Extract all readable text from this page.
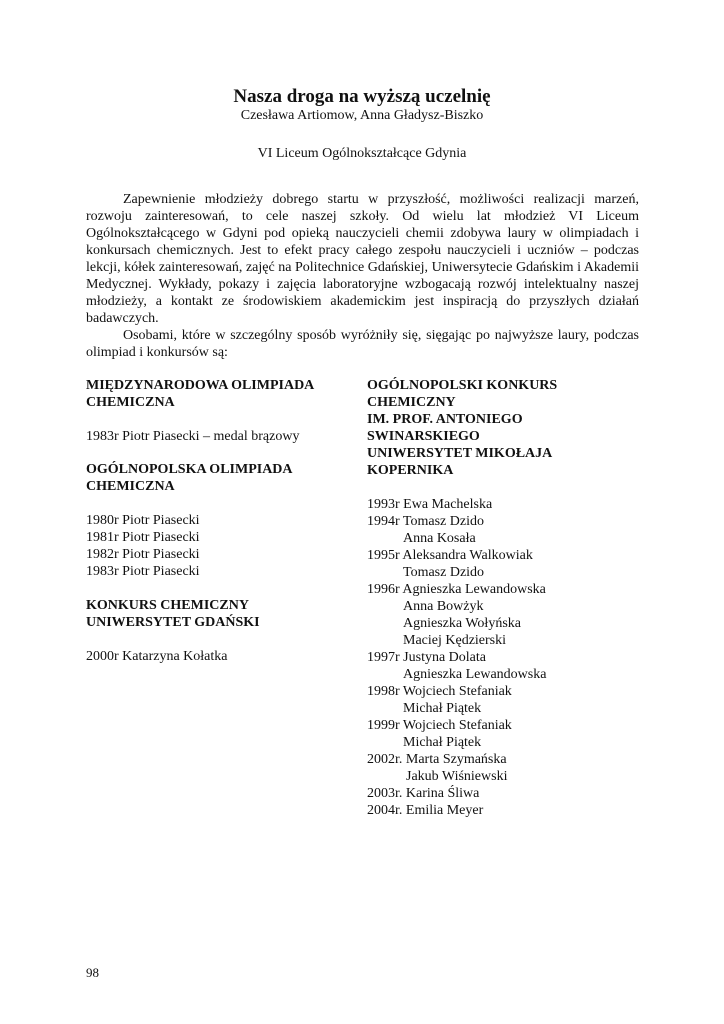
Nasza droga na wyższą uczelnię
Czesława Artiomow, Anna Gładysz-Biszko
VI Liceum Ogólnokształcące Gdynia

Zapewnienie młodzieży dobrego startu w przyszłość, możliwości realizacji marzeń, rozwoju zainteresowań, to cele naszej szkoły. Od wielu lat młodzież VI Liceum Ogólnokształcącego w Gdyni pod opieką nauczycieli chemii zdobywa laury w olimpiadach i konkursach chemicznych. Jest to efekt pracy całego zespołu nauczycieli i uczniów – podczas lekcji, kółek zainteresowań, zajęć na Politechnice Gdańskiej, Uniwersytecie Gdańskim i Akademii Medycznej. Wykłady, pokazy i zajęcia laboratoryjne wzbogacają rozwój intelektualny naszej młodzieży, a kontakt ze środowiskiem akademickim jest inspiracją do przyszłych działań badawczych.

Osobami, które w szczególny sposób wyróżniły się, sięgając po najwyższe laury, podczas olimpiad i konkursów są:

MIĘDZYNARODOWA OLIMPIADA

CHEMICZNA

1983r Piotr Piasecki – medal brązowy

OGÓLNOPOLSKA OLIMPIADA

CHEMICZNA

1980r Piotr Piasecki

1981r Piotr Piasecki

1982r Piotr Piasecki

1983r Piotr Piasecki

KONKURS CHEMICZNY

UNIWERSYTET GDAŃSKI

2000r Katarzyna Kołatka

OGÓLNOPOLSKI KONKURS

CHEMICZNY

IM. PROF. ANTONIEGO

SWINARSKIEGO

UNIWERSYTET MIKOŁAJA

KOPERNIKA

1993r Ewa Machelska

1994r Tomasz Dzido

Anna Kosała

1995r Aleksandra Walkowiak

Tomasz Dzido

1996r Agnieszka Lewandowska

Anna Bowżyk

Agnieszka Wołyńska

Maciej Kędzierski

1997r Justyna Dolata

Agnieszka Lewandowska

1998r Wojciech Stefaniak

Michał Piątek

1999r Wojciech Stefaniak

Michał Piątek

2002r. Marta Szymańska

Jakub Wiśniewski

2003r. Karina Śliwa

2004r. Emilia Meyer

98
